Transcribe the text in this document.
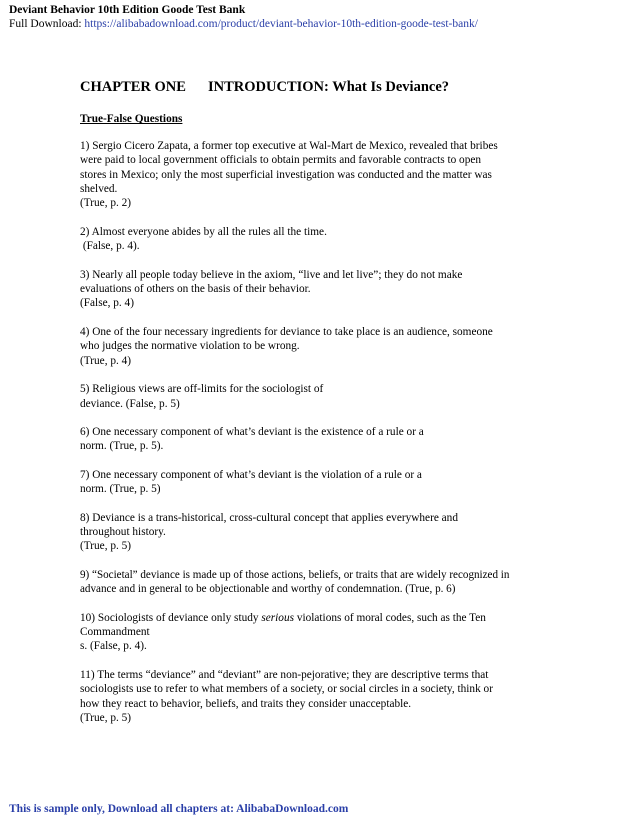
Deviant Behavior 10th Edition Goode Test Bank
Full Download: https://alibabadownload.com/product/deviant-behavior-10th-edition-goode-test-bank/
CHAPTER ONE INTRODUCTION: What Is Deviance?
True-False Questions

1) Sergio Cicero Zapata, a former top executive at Wal-Mart de Mexico, revealed that bribes

were paid to local government officials to obtain permits and favorable contracts to open

stores in Mexico; only the most superficial investigation was conducted and the matter was

shelved.

(True, p. 2)

2) Almost everyone abides by all the rules all the time.

(False, p. 4).

3) Nearly all people today believe in the axiom, “live and let live”; they do not make

evaluations of others on the basis of their behavior.

(False, p. 4)

4) One of the four necessary ingredients for deviance to take place is an audience, someone

who judges the normative violation to be wrong.

(True, p. 4)

5) Religious views are off-limits for the sociologist of

deviance. (False, p. 5)

6) One necessary component of what’s deviant is the existence of a rule or a

norm. (True, p. 5).

7) One necessary component of what’s deviant is the violation of a rule or a

norm. (True, p. 5)

8) Deviance is a trans-historical, cross-cultural concept that applies everywhere and

throughout history.

(True, p. 5)

9) “Societal” deviance is made up of those actions, beliefs, or traits that are widely recognized in

advance and in general to be objectionable and worthy of condemnation. (True, p. 6)

10) Sociologists of deviance only study serious violations of moral codes, such as the Ten

Commandment

s. (False, p. 4).

11) The terms “deviance” and “deviant” are non-pejorative; they are descriptive terms that

sociologists use to refer to what members of a society, or social circles in a society, think or

how they react to behavior, beliefs, and traits they consider unacceptable.

(True, p. 5)

This is sample only, Download all chapters at: AlibabaDownload.com
